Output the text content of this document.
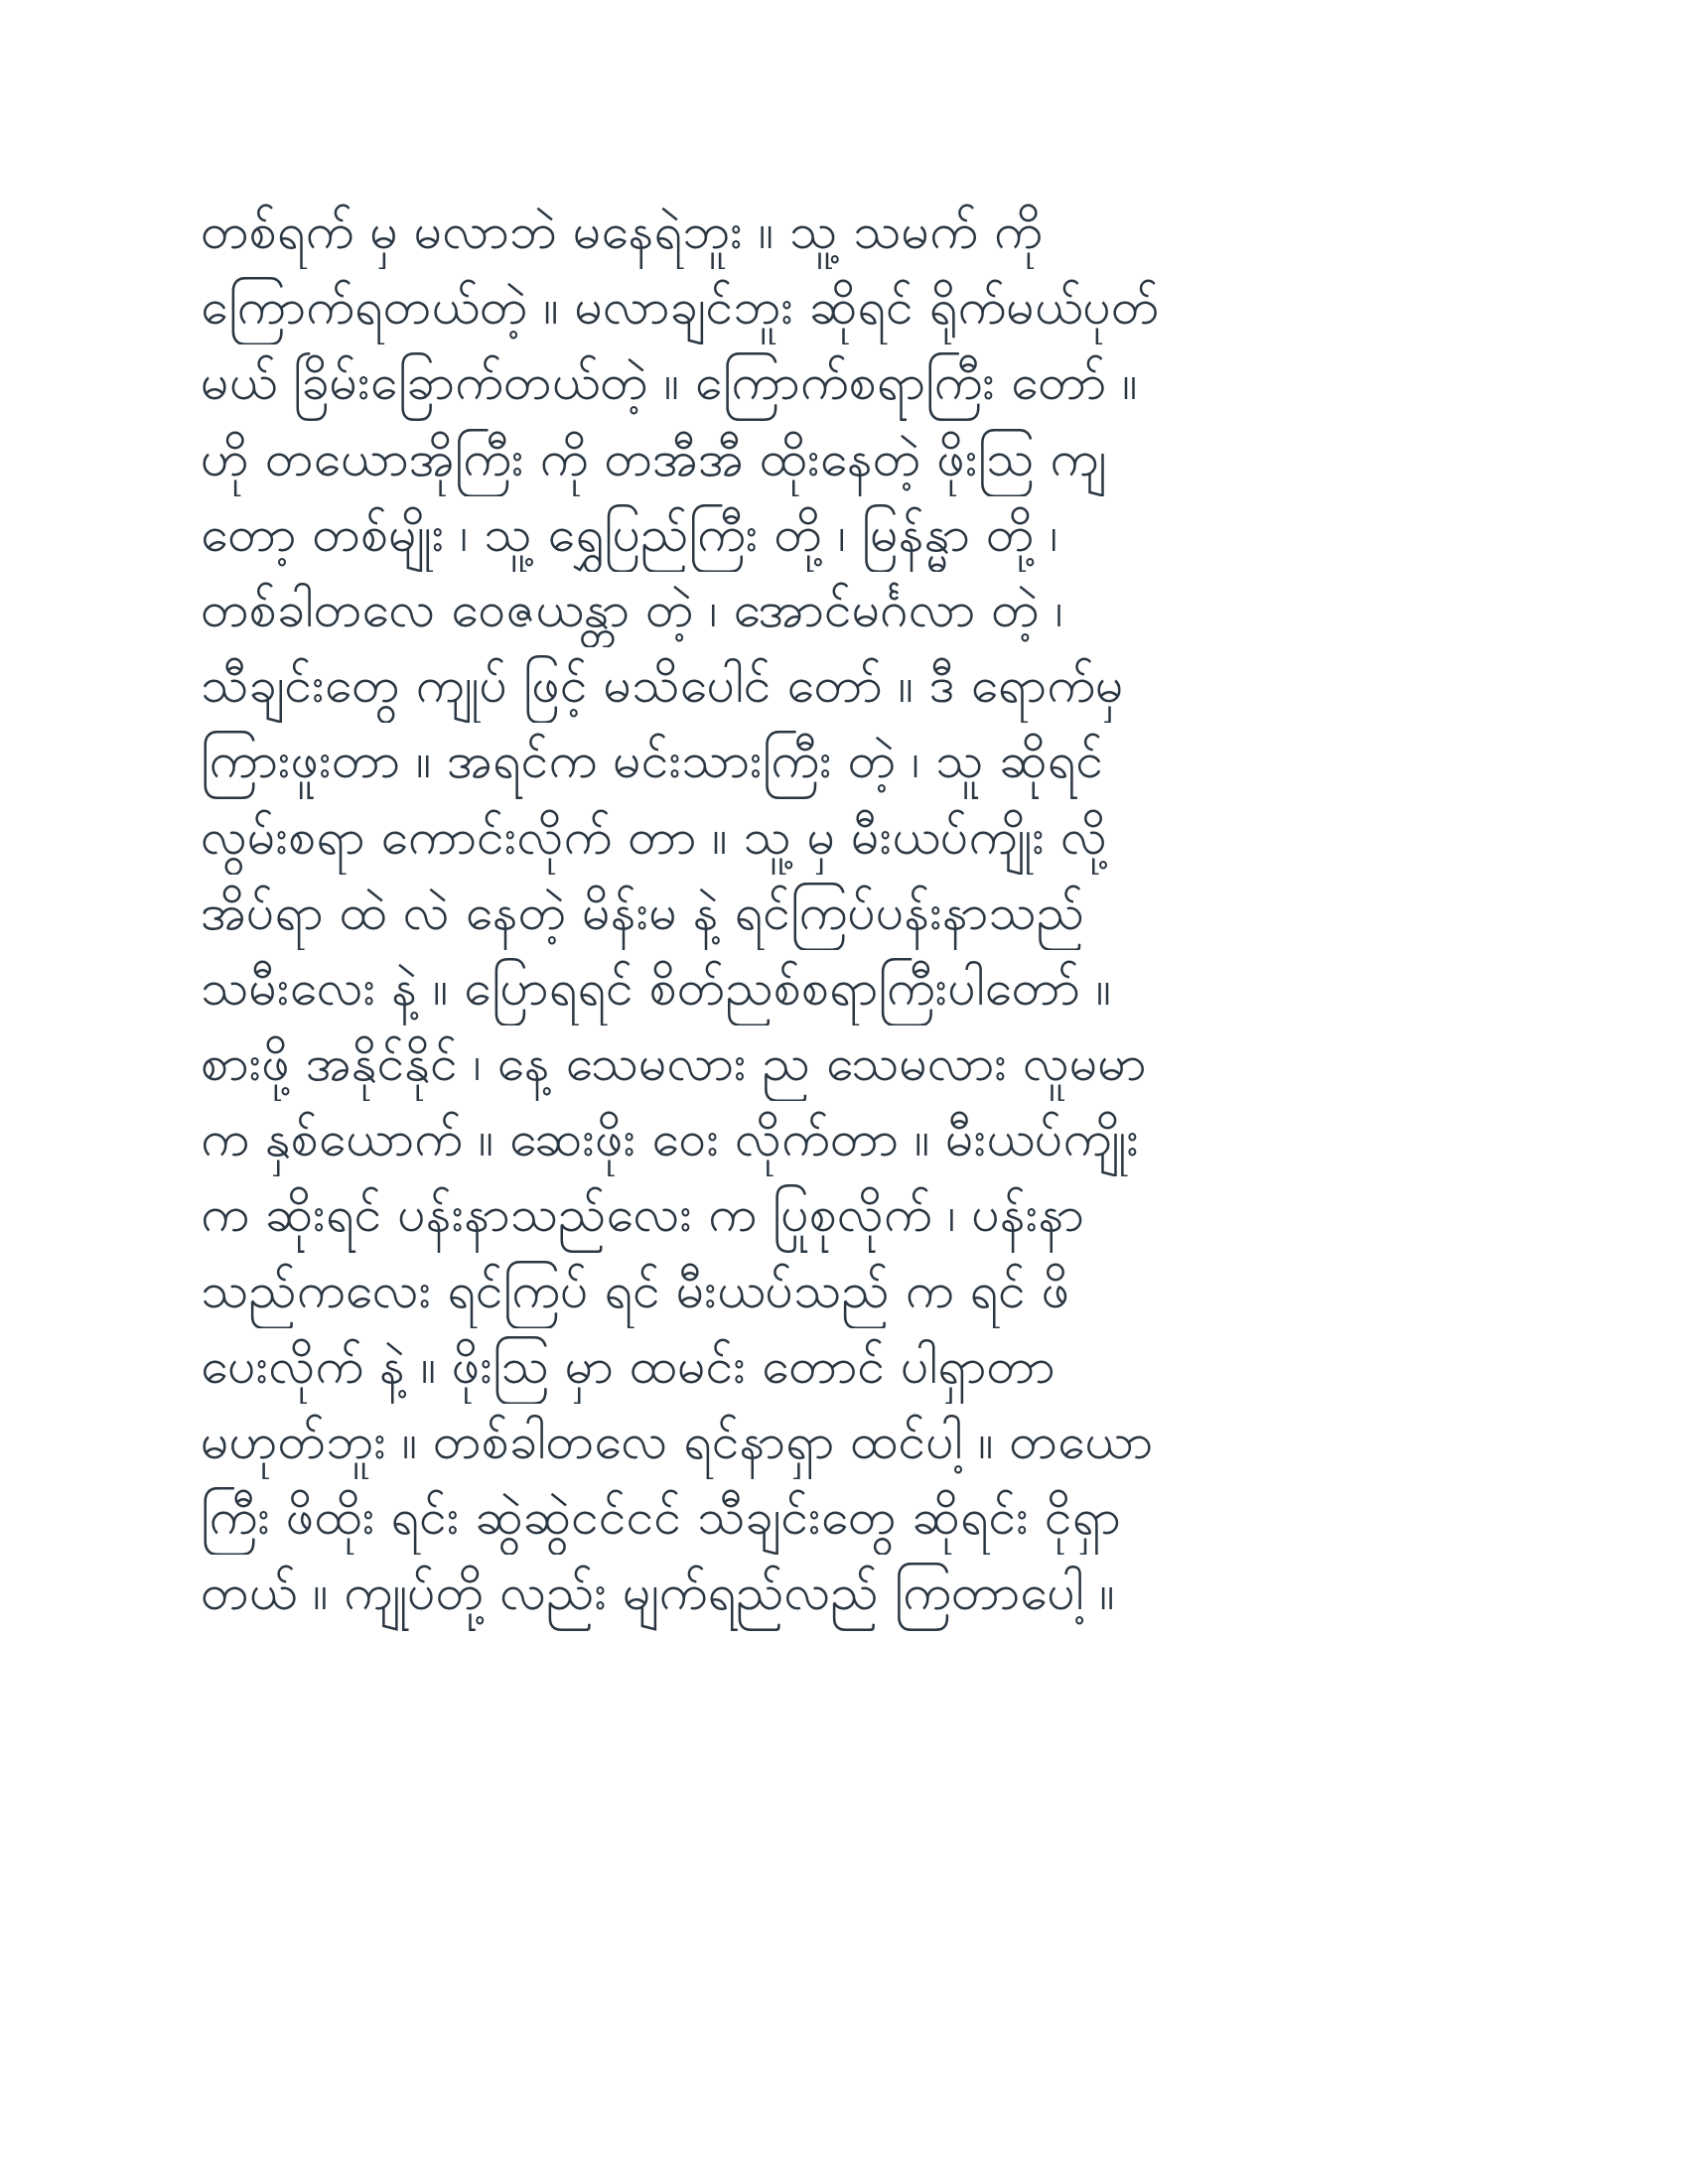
တစ်ရက် မှ မလာဘဲ မနေရဲဘူး ။ သူ့ သမက် ကို
ကြောက်ရတယ်တဲ့ ။ မလာချင်ဘူး ဆိုရင် ရိုက်မယ်ပုတ်
မယ် ခြိမ်းခြောက်တယ်တဲ့ ။ ကြောက်စရာကြီး တော် ။
ဟို တယောအိုကြီး ကို တအီအီ ထိုးနေတဲ့ ဖိုးသြ ကျ
တော့ တစ်မျိုး ၊ သူ့ ရွှေပြည်ကြီး တို့ ၊ မြန်န္မာ တို့ ၊
တစ်ခါတလေ ဝေဇယန္တာ တဲ့ ၊ အောင်မင်္ဂလာ တဲ့ ၊
သီချင်းတွေ ကျုပ် ဖြင့် မသိပေါင် တော် ။ ဒီ ရောက်မှ
ကြားဖူးတာ ။ အရင်က မင်းသားကြီး တဲ့ ၊ သူ ဆိုရင်
လွမ်းစရာ ကောင်းလိုက် တာ ။ သူ့ မှ မီးယပ်ကျိုး လို့
အိပ်ရာ ထဲ လဲ နေတဲ့ မိန်းမ နဲ့ ရင်ကြပ်ပန်းနာသည်
သမီးလေး နဲ့ ။ ပြောရရင် စိတ်ညစ်စရာကြီးပါတော် ။
စားဖို့ အနိုင်နိုင် ၊ နေ့ သေမလား ည သေမလား လူမမာ
က နှစ်ယောက် ။ ဆေးဖိုး ဝေး လိုက်တာ ။ မီးယပ်ကျိုး
က ဆိုးရင် ပန်းနာသည်လေး က ပြုစုလိုက် ၊ ပန်းနာ
သည်ကလေး ရင်ကြပ် ရင် မီးယပ်သည် က ရင် ဖိ
ပေးလိုက် နဲ့ ။ ဖိုးသြ မှာ ထမင်း တောင် ပါရှာတာ
မဟုတ်ဘူး ။ တစ်ခါတလေ ရင်နာရှာ ထင်ပါ့ ။ တယော
ကြီး ဖိထိုး ရင်း ဆွဲဆွဲငင်ငင် သီချင်းတွေ ဆိုရင်း ငိုရှာ
တယ် ။ ကျုပ်တို့ လည်း မျက်ရည်လည် ကြတာပေါ့ ။
